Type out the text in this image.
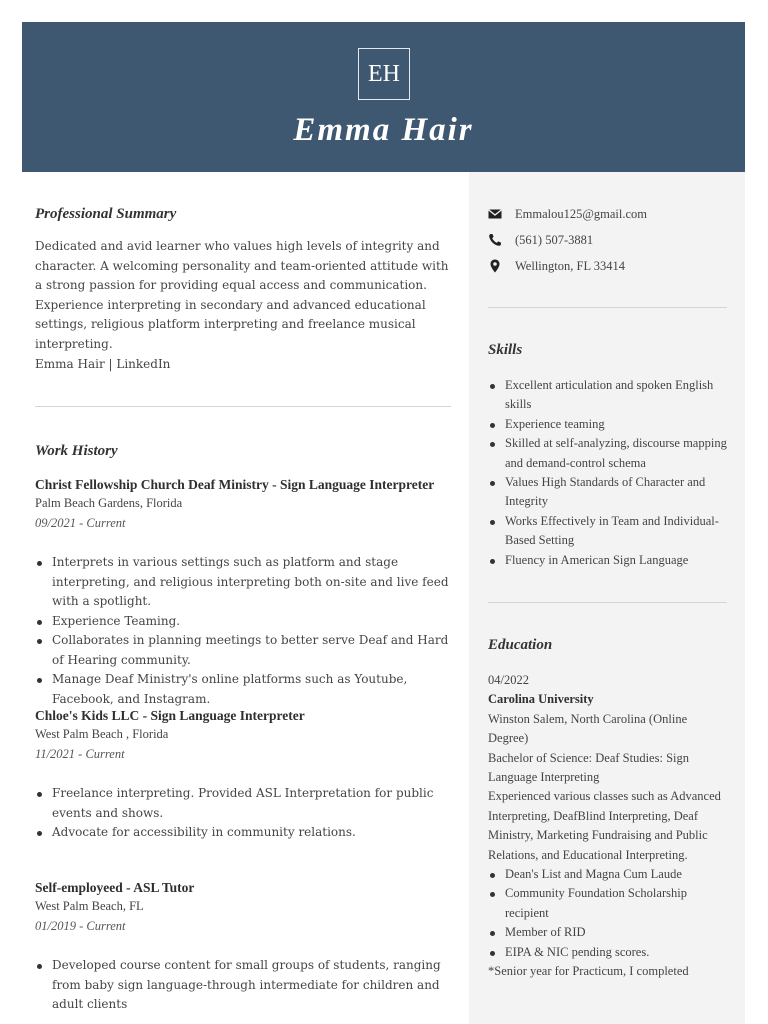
EH
Emma Hair
Professional Summary
Dedicated and avid learner who values high levels of integrity and character. A welcoming personality and team-oriented attitude with a strong passion for providing equal access and communication. Experience interpreting in secondary and advanced educational settings, religious platform interpreting and freelance musical interpreting.
Emma Hair | LinkedIn
Work History
Christ Fellowship Church Deaf Ministry - Sign Language Interpreter
Palm Beach Gardens, Florida
09/2021 - Current
Interprets in various settings such as platform and stage interpreting, and religious interpreting both on-site and live feed with a spotlight.
Experience Teaming.
Collaborates in planning meetings to better serve Deaf and Hard of Hearing community.
Manage Deaf Ministry's online platforms such as Youtube, Facebook, and Instagram.
Chloe's Kids LLC - Sign Language Interpreter
West Palm Beach , Florida
11/2021 - Current
Freelance interpreting. Provided ASL Interpretation for public events and shows.
Advocate for accessibility in community relations.
Self-employeed - ASL Tutor
West Palm Beach, FL
01/2019 - Current
Developed course content for small groups of students, ranging from baby sign language-through intermediate for children and adult clients
Emmalou125@gmail.com
(561) 507-3881
Wellington, FL 33414
Skills
Excellent articulation and spoken English skills
Experience teaming
Skilled at self-analyzing, discourse mapping and demand-control schema
Values High Standards of Character and Integrity
Works Effectively in Team and Individual-Based Setting
Fluency in American Sign Language
Education
04/2022
Carolina University
Winston Salem, North Carolina (Online Degree)
Bachelor of Science: Deaf Studies: Sign Language Interpreting
Experienced various classes such as Advanced Interpreting, DeafBlind Interpreting, Deaf Ministry, Marketing Fundraising and Public Relations, and Educational Interpreting.
Dean's List and Magna Cum Laude
Community Foundation Scholarship recipient
Member of RID
EIPA & NIC pending scores.
*Senior year for Practicum, I completed
